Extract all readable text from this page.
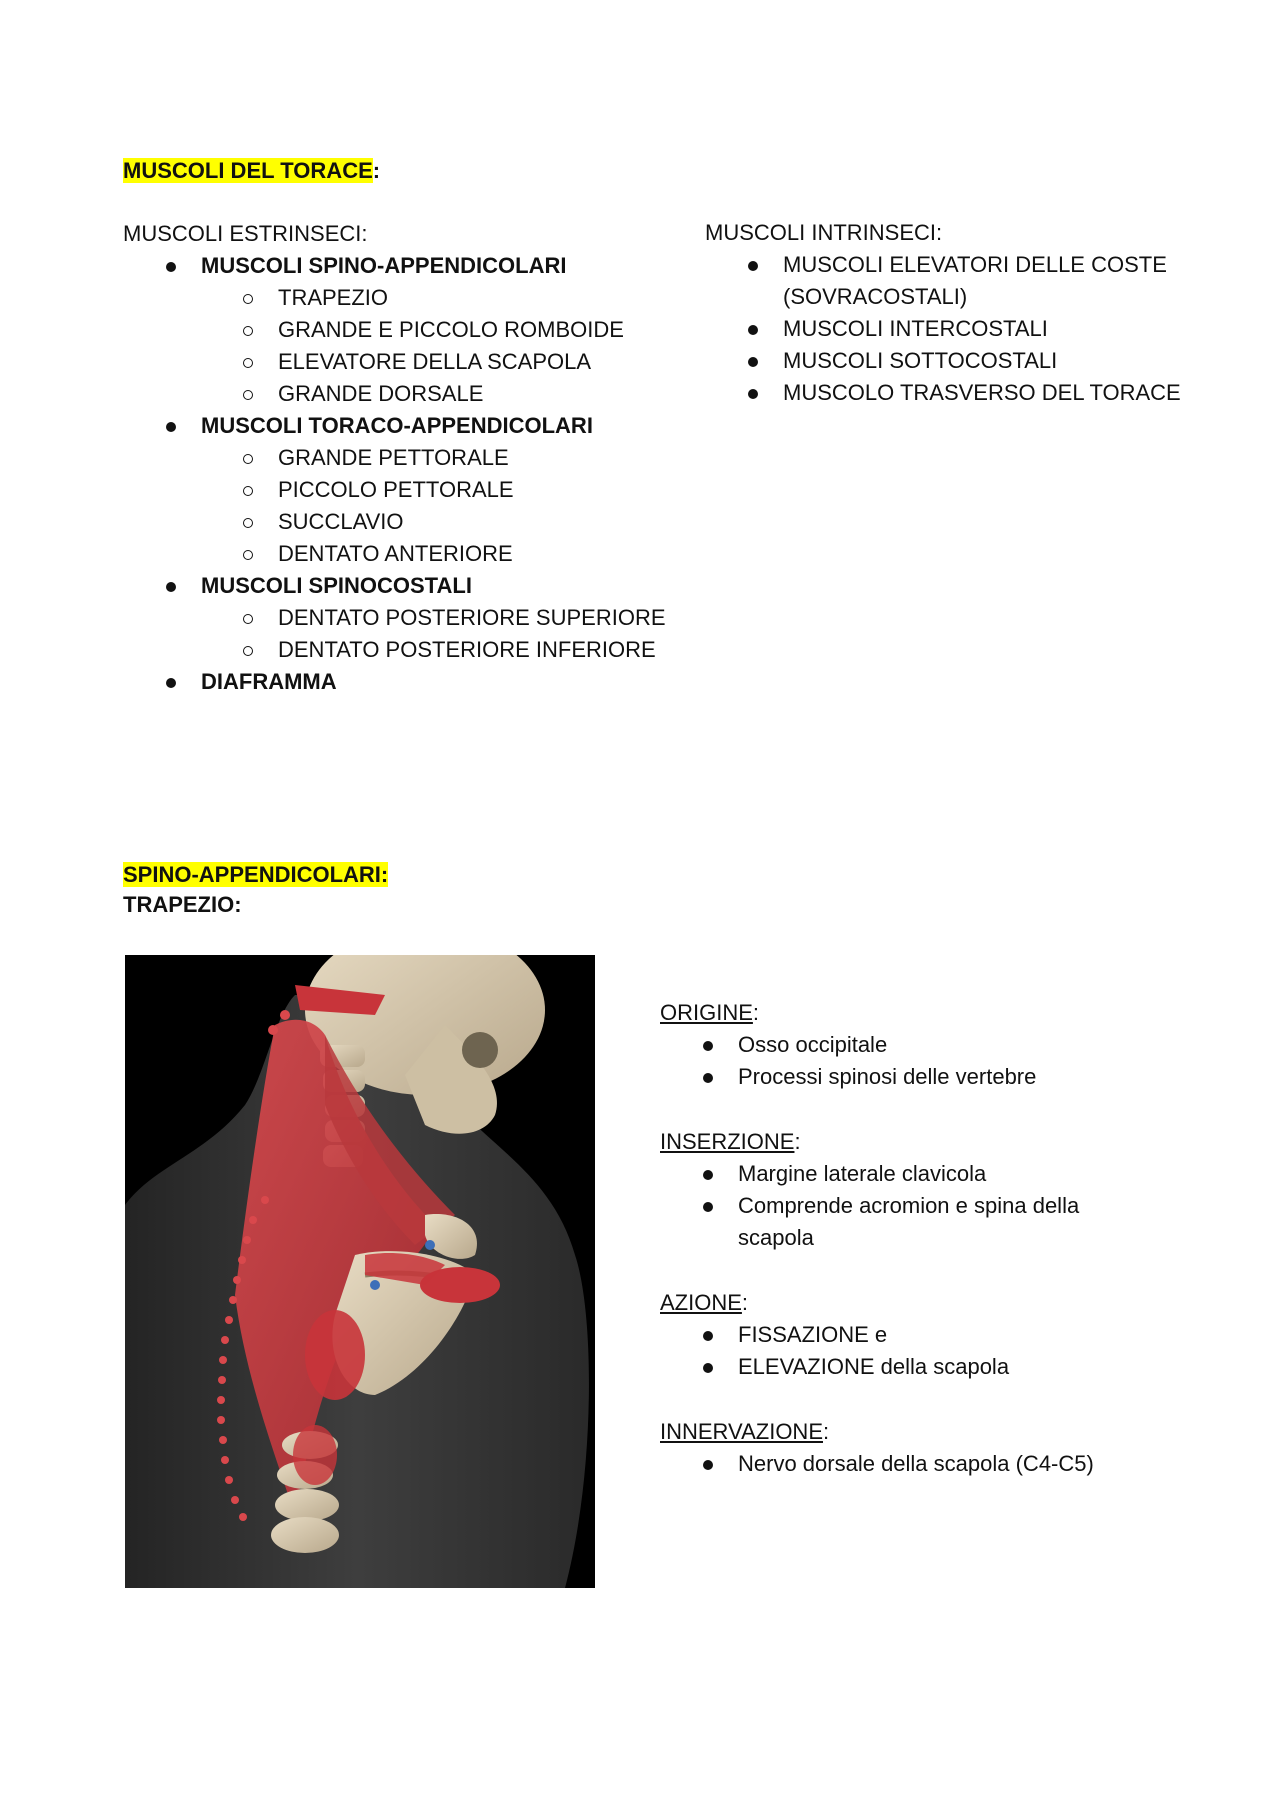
MUSCOLI DEL TORACE:
MUSCOLI ESTRINSECI:
MUSCOLI SPINO-APPENDICOLARI
TRAPEZIO
GRANDE E PICCOLO ROMBOIDE
ELEVATORE DELLA SCAPOLA
GRANDE DORSALE
MUSCOLI TORACO-APPENDICOLARI
GRANDE PETTORALE
PICCOLO PETTORALE
SUCCLAVIO
DENTATO ANTERIORE
MUSCOLI SPINOCOSTALI
DENTATO POSTERIORE SUPERIORE
DENTATO POSTERIORE INFERIORE
DIAFRAMMA
MUSCOLI INTRINSECI:
MUSCOLI ELEVATORI DELLE COSTE
(SOVRACOSTALI)
MUSCOLI INTERCOSTALI
MUSCOLI SOTTOCOSTALI
MUSCOLO TRASVERSO DEL TORACE
SPINO-APPENDICOLARI:
TRAPEZIO:
ORIGINE:
Osso occipitale
Processi spinosi delle vertebre
INSERZIONE:
Margine laterale clavicola
Comprende acromion e spina della
scapola
AZIONE:
FISSAZIONE e
ELEVAZIONE della scapola
INNERVAZIONE:
Nervo dorsale della scapola (C4-C5)
